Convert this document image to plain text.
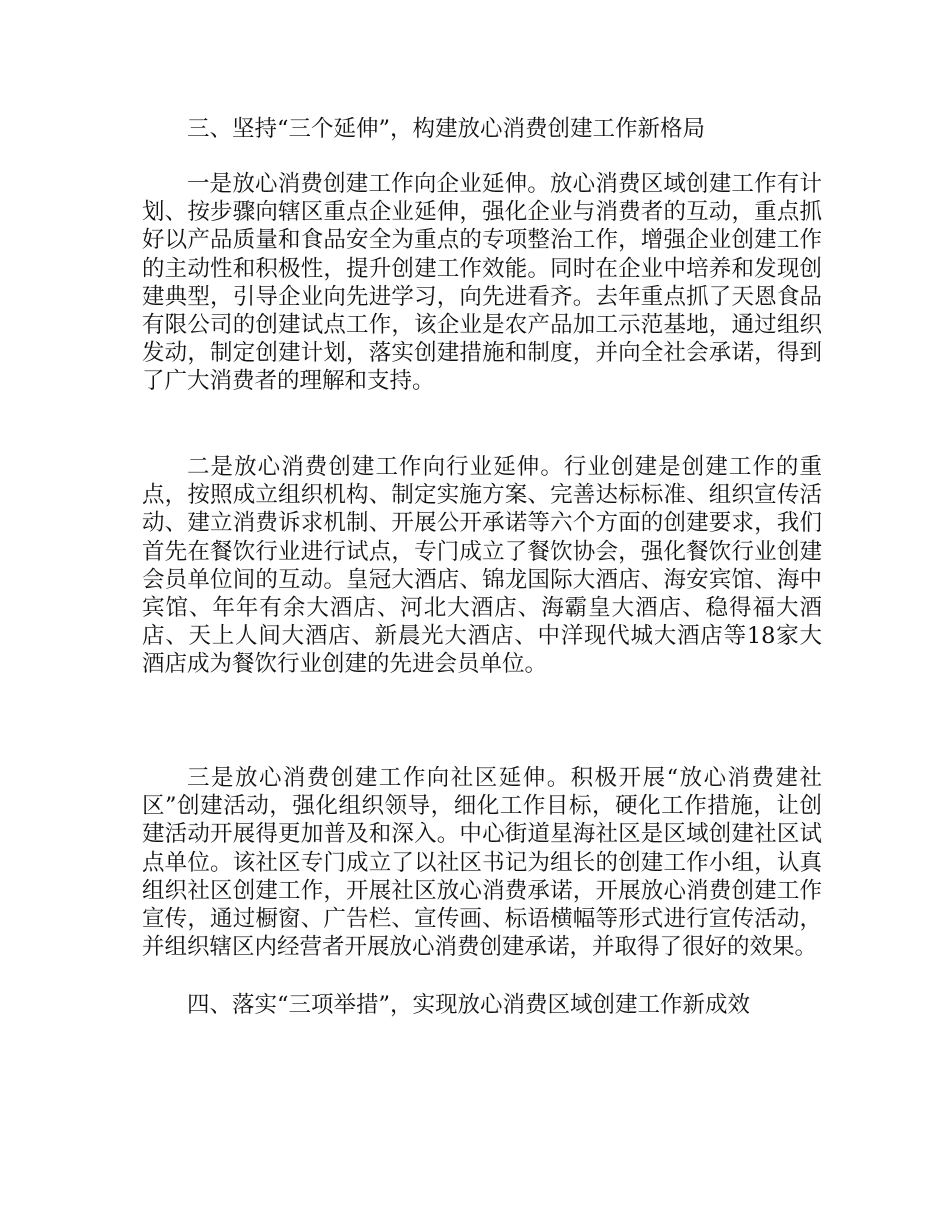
三、坚持“三个延伸”，构建放心消费创建工作新格局

一是放心消费创建工作向企业延伸。放心消费区域创建工作有计划、按步骤向辖区重点企业延伸，强化企业与消费者的互动，重点抓好以产品质量和食品安全为重点的专项整治工作，增强企业创建工作的主动性和积极性，提升创建工作效能。同时在企业中培养和发现创建典型，引导企业向先进学习，向先进看齐。去年重点抓了天恩食品有限公司的创建试点工作，该企业是农产品加工示范基地，通过组织发动，制定创建计划，落实创建措施和制度，并向全社会承诺，得到了广大消费者的理解和支持。

二是放心消费创建工作向行业延伸。行业创建是创建工作的重点，按照成立组织机构、制定实施方案、完善达标标准、组织宣传活动、建立消费诉求机制、开展公开承诺等六个方面的创建要求，我们首先在餐饮行业进行试点，专门成立了餐饮协会，强化餐饮行业创建会员单位间的互动。皇冠大酒店、锦龙国际大酒店、海安宾馆、海中宾馆、年年有余大酒店、河北大酒店、海霸皇大酒店、稳得福大酒店、天上人间大酒店、新晨光大酒店、中洋现代城大酒店等18家大酒店成为餐饮行业创建的先进会员单位。

三是放心消费创建工作向社区延伸。积极开展“放心消费建社区”创建活动，强化组织领导，细化工作目标，硬化工作措施，让创建活动开展得更加普及和深入。中心街道星海社区是区域创建社区试点单位。该社区专门成立了以社区书记为组长的创建工作小组，认真组织社区创建工作，开展社区放心消费承诺，开展放心消费创建工作宣传，通过橱窗、广告栏、宣传画、标语横幅等形式进行宣传活动，并组织辖区内经营者开展放心消费创建承诺，并取得了很好的效果。

四、落实“三项举措”，实现放心消费区域创建工作新成效
